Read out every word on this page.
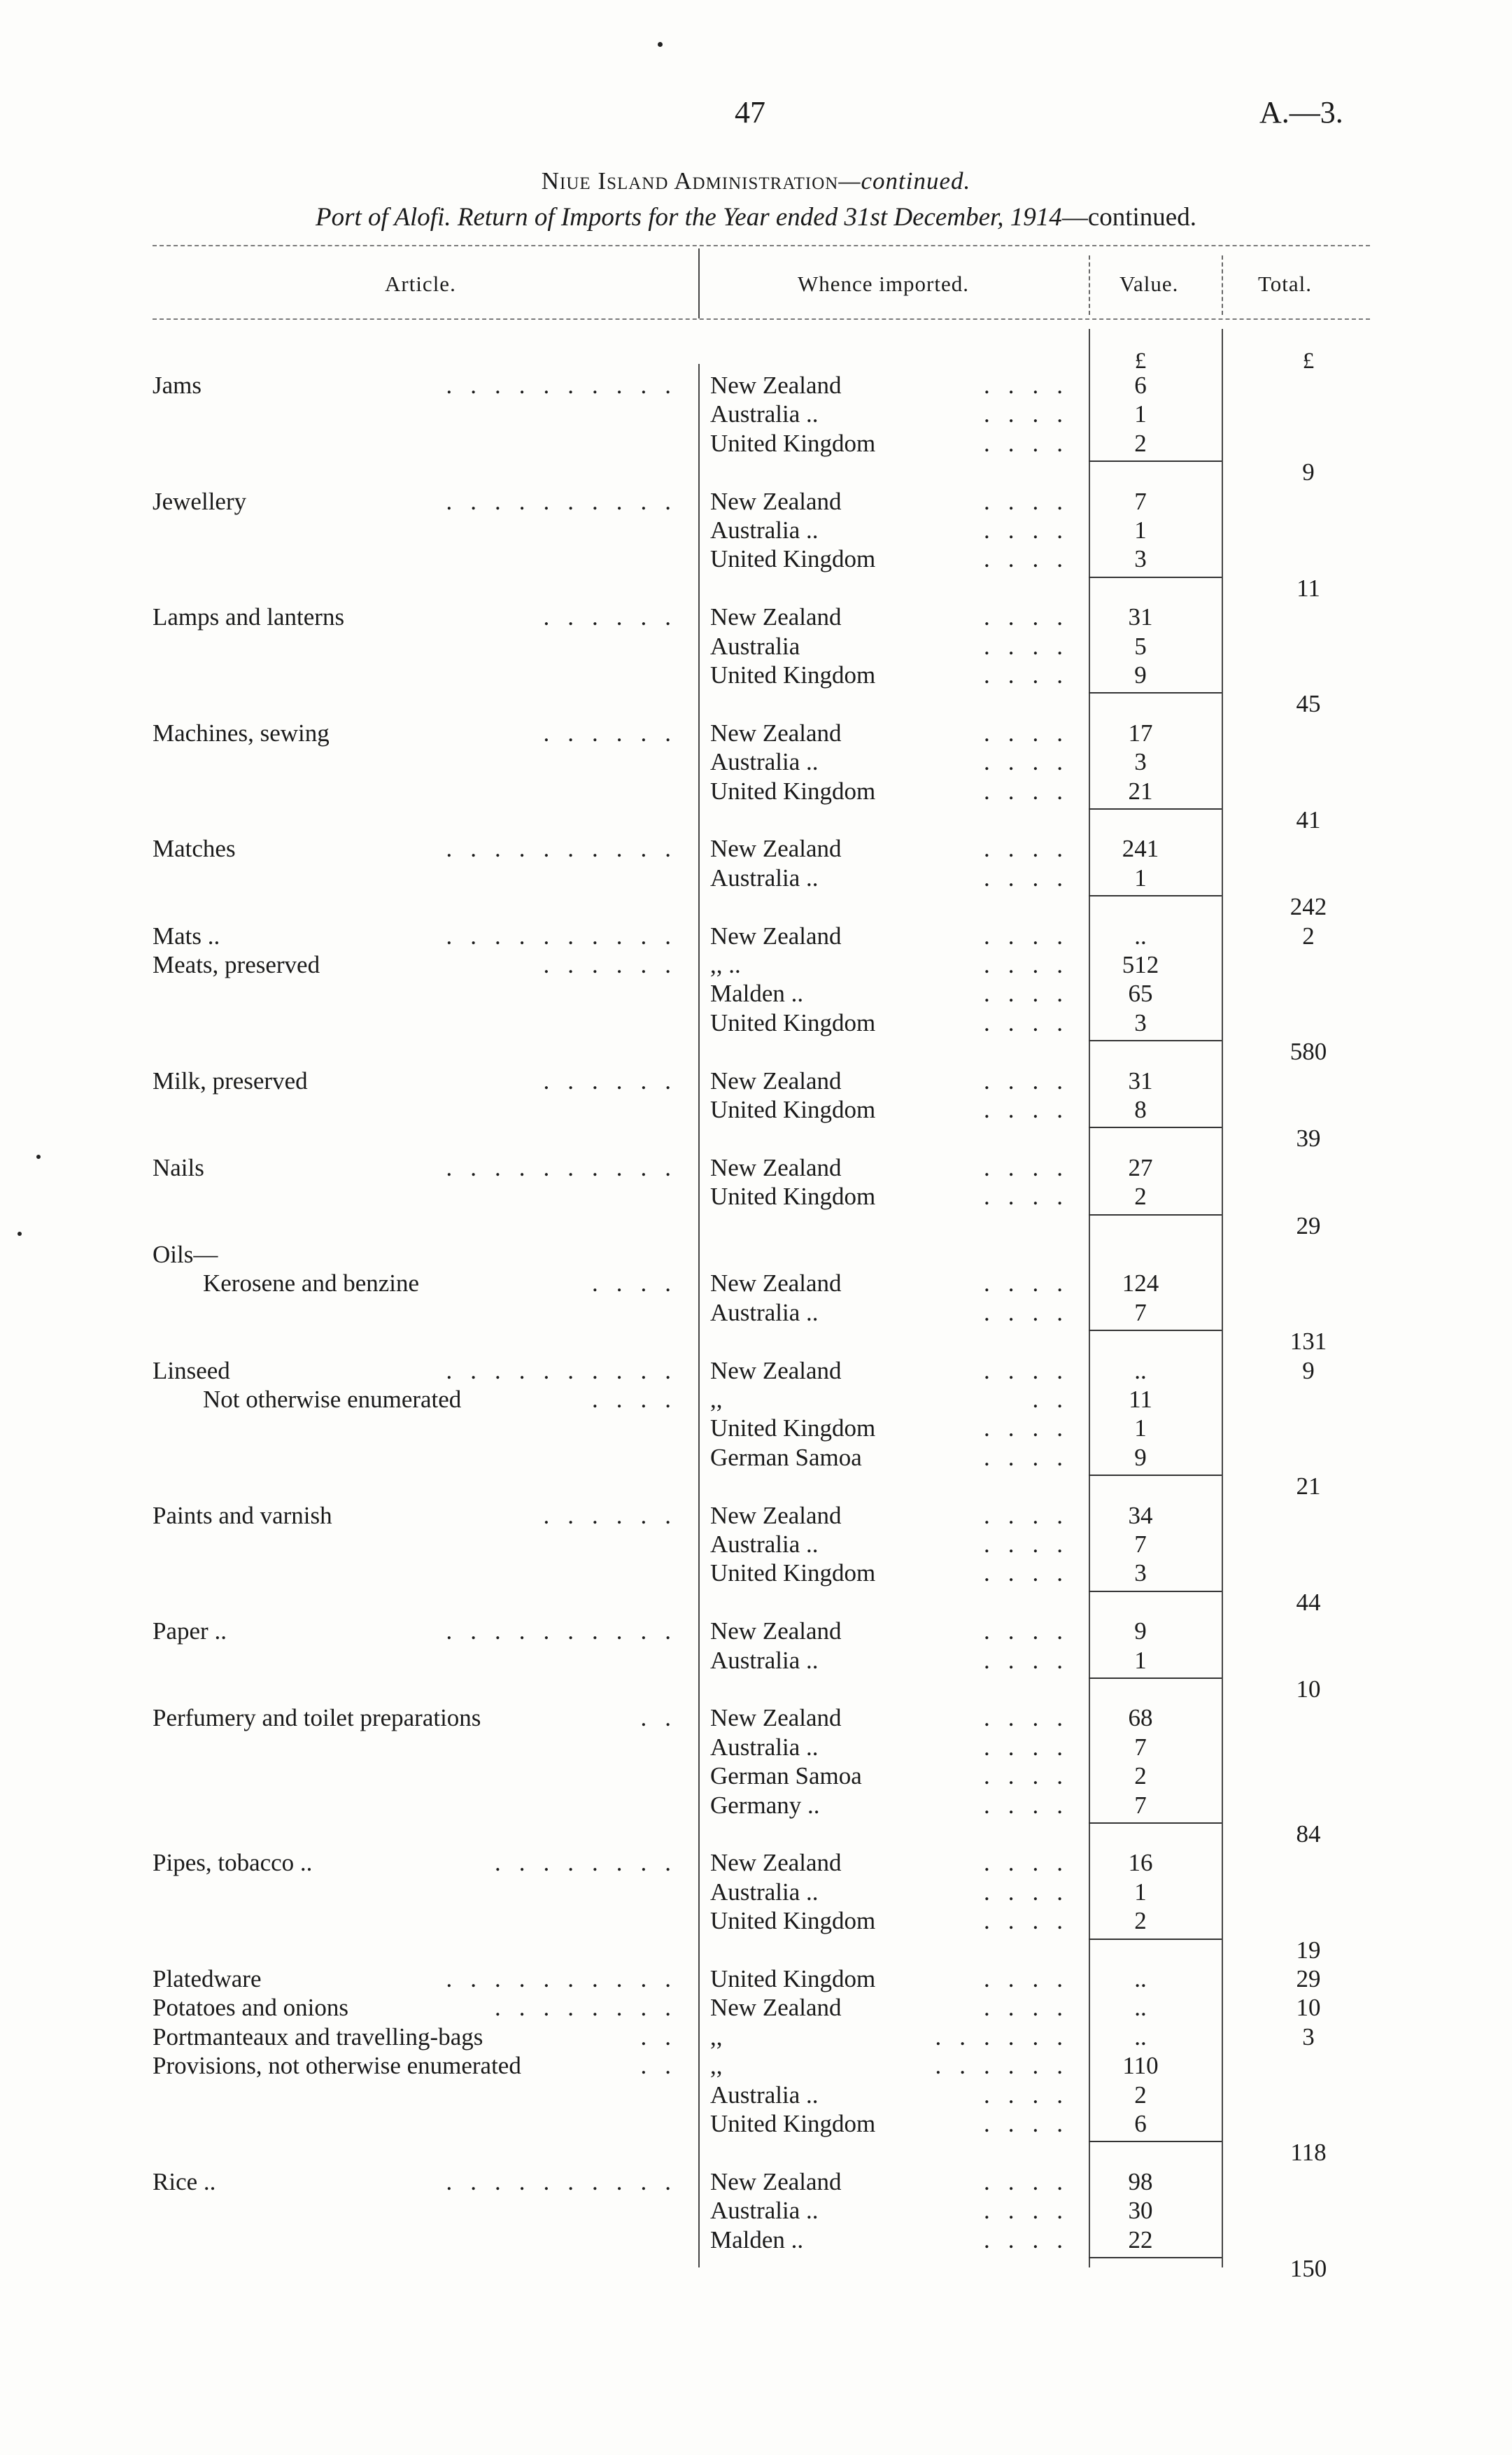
47	A.—3.
Niue Island Administration—continued.
Port of Alofi. Return of Imports for the Year ended 31st December, 1914—continued.
Article.	Whence imported.	Value.	Total.
£	£
Jams	.......... New Zealand	....	6
Australia ..	....	1
United Kingdom	....	2
9
Jewellery	.......... New Zealand	....	7
Australia ..	....	1
United Kingdom	....	3
11
Lamps and lanterns	...... New Zealand	....	31
Australia	....	5
United Kingdom	....	9
45
Machines, sewing	...... New Zealand	....	17
Australia ..	....	3
United Kingdom	....	21
41
Matches	.......... New Zealand	....	241
Australia ..	....	1
242
Mats ..	.......... New Zealand	....	..	2
Meats, preserved	...... ,, ..	....	512
Malden ..	....	65
United Kingdom	....	3
580
Milk, preserved	...... New Zealand	....	31
United Kingdom	....	8
39
Nails	.......... New Zealand	....	27
United Kingdom	....	2
29
Oils—
Kerosene and benzine	.... New Zealand	....	124
Australia ..	....	7
131
Linseed	.......... New Zealand	....	..	9
Not otherwise enumerated	.... ,,	..	11
United Kingdom	....	1
German Samoa	....	9
21
Paints and varnish	...... New Zealand	....	34
Australia ..	....	7
United Kingdom	....	3
44
Paper ..	.......... New Zealand	....	9
Australia ..	....	1
10
Perfumery and toilet preparations	.. New Zealand	....	68
Australia ..	....	7
German Samoa	....	2
Germany ..	....	7
84
Pipes, tobacco ..	........ New Zealand	....	16
Australia ..	....	1
United Kingdom	....	2
19
Platedware	.......... United Kingdom	....	..	29
Potatoes and onions	........ New Zealand	....	..	10
Portmanteaux and travelling-bags	.. ,,	......	..	3
Provisions, not otherwise enumerated	.. ,,	......	110
Australia ..	....	2
United Kingdom	....	6
118
Rice ..	.......... New Zealand	....	98
Australia ..	....	30
Malden ..	....	22
150
